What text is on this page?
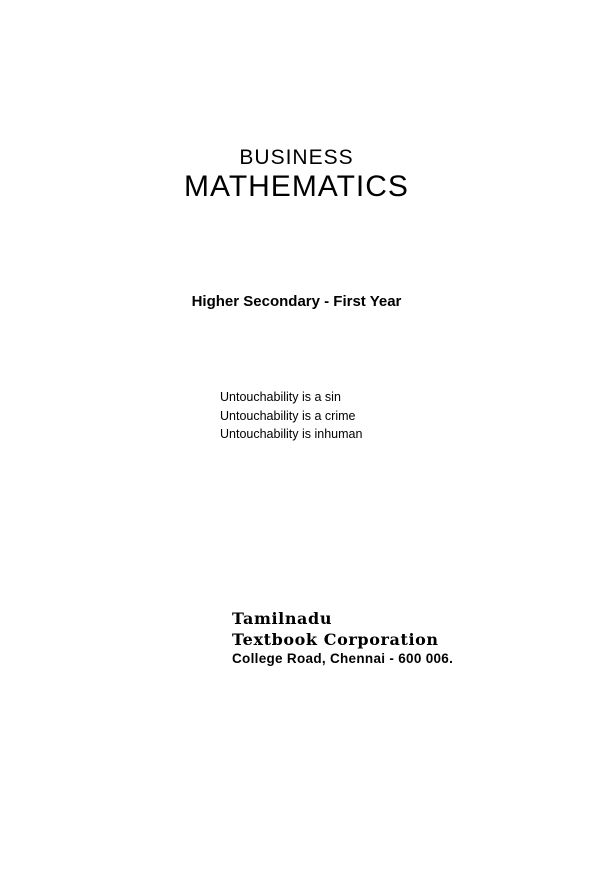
BUSINESS
MATHEMATICS
Higher Secondary - First Year
Untouchability is a sin
Untouchability is a crime
Untouchability is inhuman
Tamilnadu
Textbook Corporation
College Road, Chennai - 600 006.
